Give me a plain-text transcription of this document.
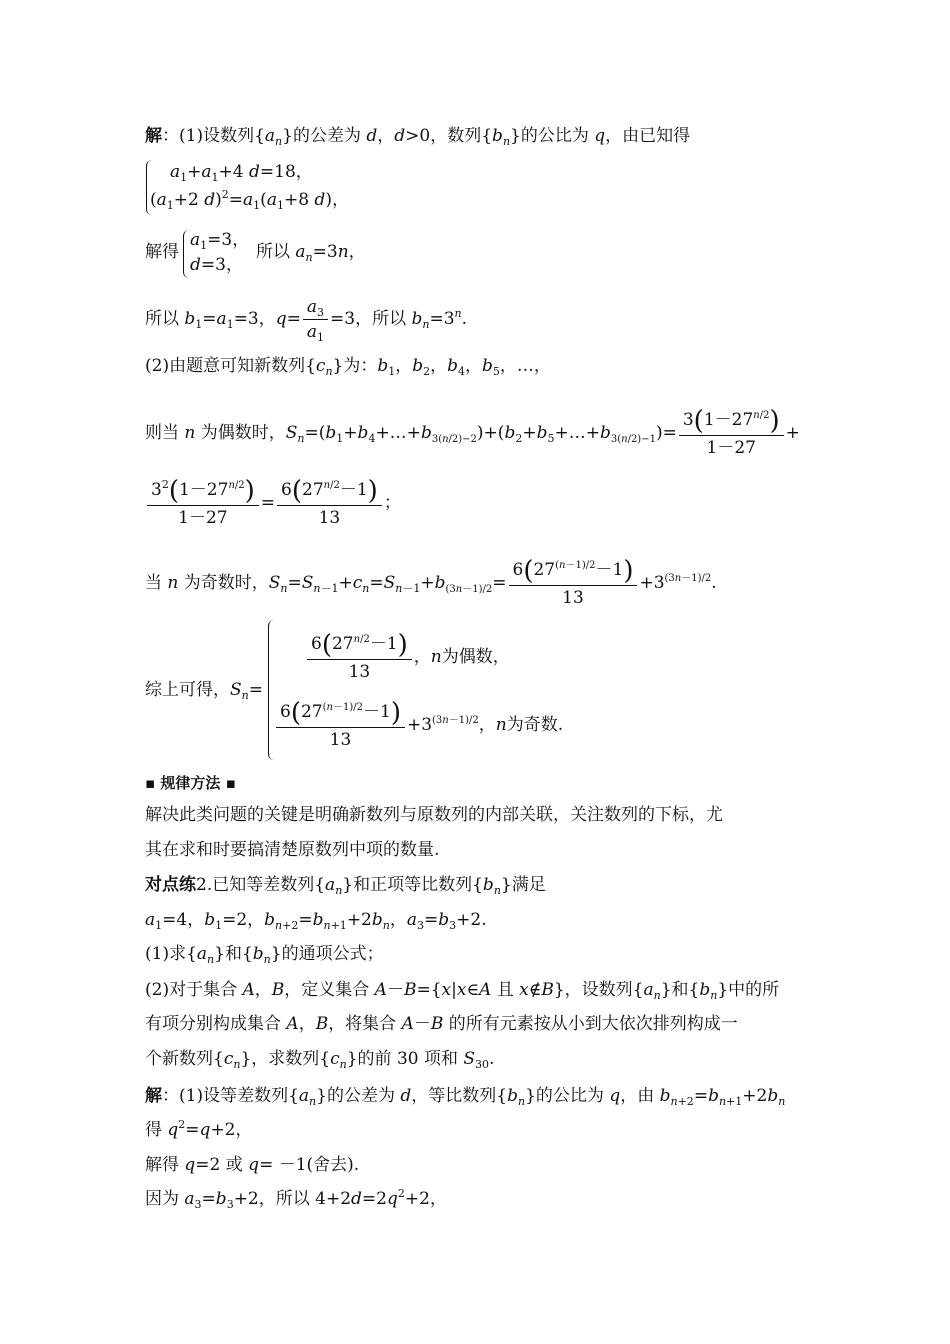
解：(1)设数列$\{a_n\}$的公差为 d，d>0，数列$\{b_n\}$的公比为 q，由已知得
$a_1+a_1+4$ d=18，
($a_1+2$ $d)^2=a_1(a_1+8$ d)，
解得
$a_1=3$，
d=3，
所以 $a_n=3n$，
所以 $b_1=a_1=3$，$q= \frac{a_3}{a_1} =3$，所以 $b_n=3^n$.
(2)由题意可知新数列$\{c_n\}$为：$b_1$，$b_2$，$b_4$，$b_5$，…，
则当 n 为偶数时，$S_n=(b_1+b_4+\dots+b_{3(n/2)-2})+(b_2+b_5+\dots+b_{3(n/2)-1})= \frac{3(1-27^{n/2})}{1-27}$ +
$\frac{3^2(1-27^{n/2})}{1-27} = \frac{6(27^{n/2}-1)}{13}$ ；
当 n 为奇数时，$S_n=S_{n-1}+c_n=S_{n-1}+b_{(3n-1)/2}= \frac{6(27^{(n-1)/2}-1)}{13} +3^{(3n-1)/2}$.
综上可得，$S_n=$
$\frac{6(27^{n/2}-1)}{13}$ ，n为偶数，
$\frac{6(27^{(n-1)/2}-1)}{13} +3^{(3n-1)/2}$，n为奇数.
▪ 规律方法 ▪
解决此类问题的关键是明确新数列与原数列的内部关联，关注数列的下标，尤
其在求和时要搞清楚原数列中项的数量.
对点练2.已知等差数列$\{a_n\}$和正项等比数列$\{b_n\}$满足
$a_1=4$，$b_1=2$，$b_{n+2}=b_{n+1}+2b_n$，$a_3=b_3+2$.
(1)求$\{a_n\}$和$\{b_n\}$的通项公式；
(2)对于集合 A，B，定义集合 A－B={x|x∈A 且 x∉B}，设数列$\{a_n\}$和$\{b_n\}$中的所
有项分别构成集合 A，B，将集合 A－B 的所有元素按从小到大依次排列构成一
个新数列$\{c_n\}$，求数列$\{c_n\}$的前 30 项和 $S_{30}$.
解：(1)设等差数列$\{a_n\}$的公差为 d，等比数列$\{b_n\}$的公比为 q，由 $b_{n+2}=b_{n+1}+2b_n$
得 $q^2=q+2$，
解得 q=2 或 q= －1(舍去).
因为 $a_3=b_3+2$，所以 $4+2d=2q^2+2$，
